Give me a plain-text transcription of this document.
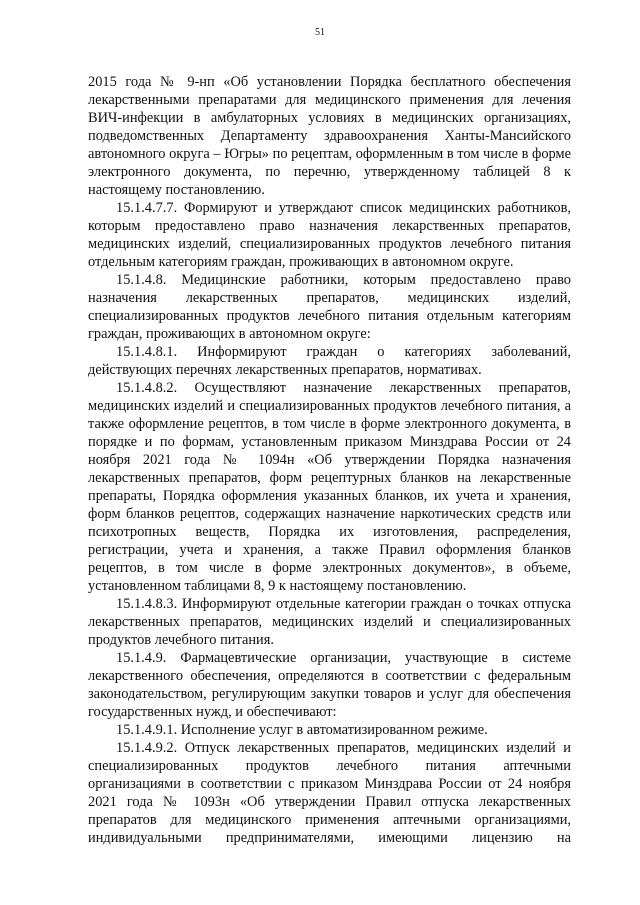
51

2015 года № 9-нп «Об установлении Порядка бесплатного обеспечения лекарственными препаратами для медицинского применения для лечения ВИЧ-инфекции в амбулаторных условиях в медицинских организациях, подведомственных Департаменту здравоохранения Ханты-Мансийского автономного округа – Югры» по рецептам, оформленным в том числе в форме электронного документа, по перечню, утвержденному таблицей 8 к настоящему постановлению.

15.1.4.7.7. Формируют и утверждают список медицинских работников, которым предоставлено право назначения лекарственных препаратов, медицинских изделий, специализированных продуктов лечебного питания отдельным категориям граждан, проживающих в автономном округе.

15.1.4.8. Медицинские работники, которым предоставлено право назначения лекарственных препаратов, медицинских изделий, специализированных продуктов лечебного питания отдельным категориям граждан, проживающих в автономном округе:

15.1.4.8.1. Информируют граждан о категориях заболеваний, действующих перечнях лекарственных препаратов, нормативах.

15.1.4.8.2. Осуществляют назначение лекарственных препаратов, медицинских изделий и специализированных продуктов лечебного питания, а также оформление рецептов, в том числе в форме электронного документа, в порядке и по формам, установленным приказом Минздрава России от 24 ноября 2021 года № 1094н «Об утверждении Порядка назначения лекарственных препаратов, форм рецептурных бланков на лекарственные препараты, Порядка оформления указанных бланков, их учета и хранения, форм бланков рецептов, содержащих назначение наркотических средств или психотропных веществ, Порядка их изготовления, распределения, регистрации, учета и хранения, а также Правил оформления бланков рецептов, в том числе в форме электронных документов», в объеме, установленном таблицами 8, 9 к настоящему постановлению.

15.1.4.8.3. Информируют отдельные категории граждан о точках отпуска лекарственных препаратов, медицинских изделий и специализированных продуктов лечебного питания.

15.1.4.9. Фармацевтические организации, участвующие в системе лекарственного обеспечения, определяются в соответствии с федеральным законодательством, регулирующим закупки товаров и услуг для обеспечения государственных нужд, и обеспечивают:

15.1.4.9.1. Исполнение услуг в автоматизированном режиме.

15.1.4.9.2. Отпуск лекарственных препаратов, медицинских изделий и специализированных продуктов лечебного питания аптечными организациями в соответствии с приказом Минздрава России от 24 ноября 2021 года № 1093н «Об утверждении Правил отпуска лекарственных препаратов для медицинского применения аптечными организациями, индивидуальными предпринимателями, имеющими лицензию на
